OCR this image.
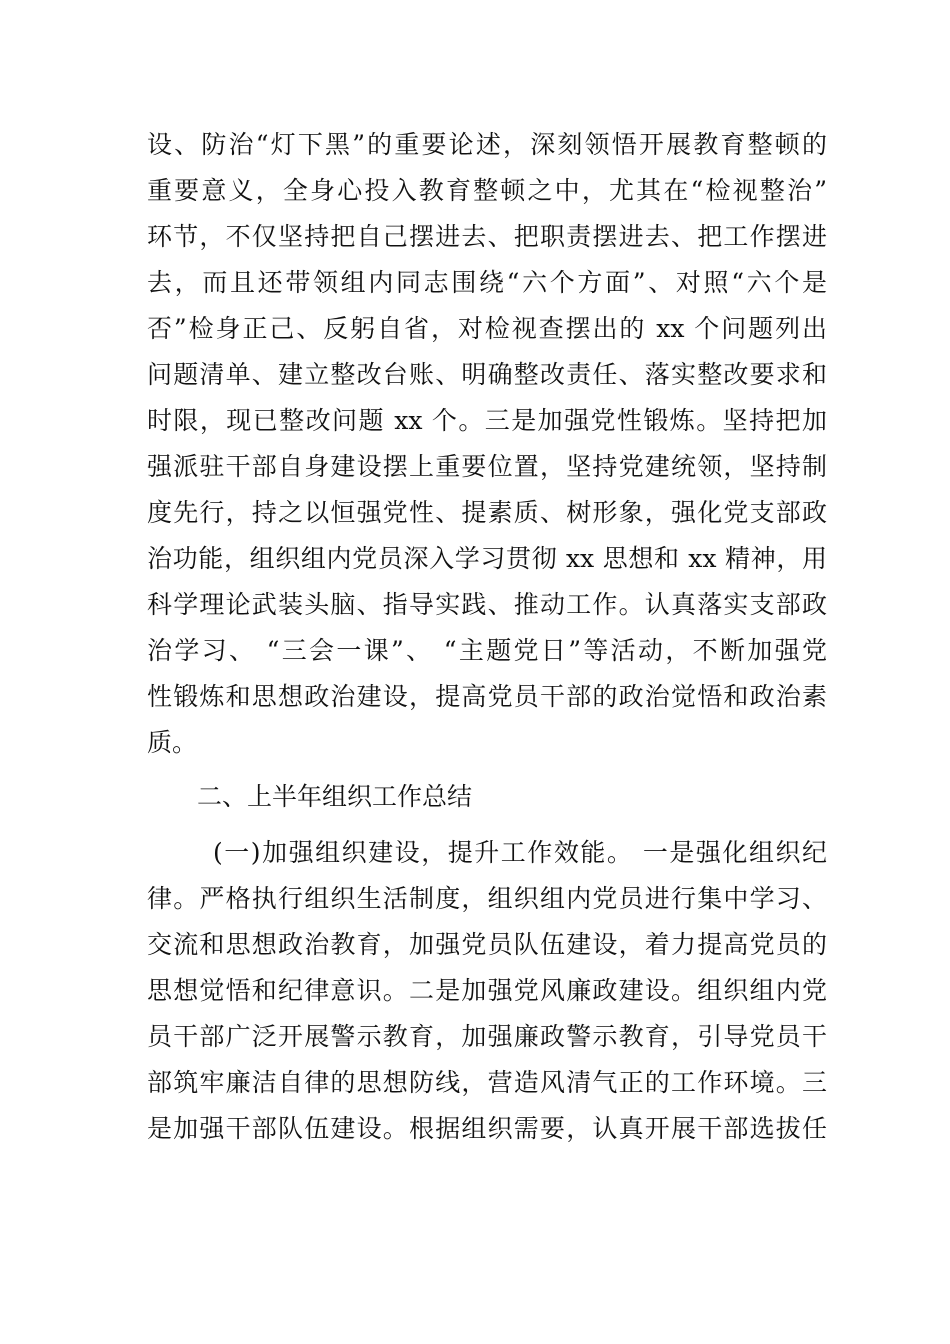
设、防治“灯下黑”的重要论述，深刻领悟开展教育整顿的
重要意义，全身心投入教育整顿之中，尤其在“检视整治”
环节，不仅坚持把自己摆进去、把职责摆进去、把工作摆进
去，而且还带领组内同志围绕“六个方面”、对照“六个是
否”检身正己、反躬自省，对检视查摆出的 xx 个问题列出
问题清单、建立整改台账、明确整改责任、落实整改要求和
时限，现已整改问题 xx 个。三是加强党性锻炼。坚持把加
强派驻干部自身建设摆上重要位置，坚持党建统领，坚持制
度先行，持之以恒强党性、提素质、树形象，强化党支部政
治功能，组织组内党员深入学习贯彻 xx 思想和 xx 精神，用
科学理论武装头脑、指导实践、推动工作。认真落实支部政
治学习、 “三会一课”、 “主题党日”等活动，不断加强党
性锻炼和思想政治建设，提高党员干部的政治觉悟和政治素
质。
二、上半年组织工作总结
(一)加强组织建设，提升工作效能。 一是强化组织纪
律。严格执行组织生活制度，组织组内党员进行集中学习、
交流和思想政治教育，加强党员队伍建设，着力提高党员的
思想觉悟和纪律意识。二是加强党风廉政建设。组织组内党
员干部广泛开展警示教育，加强廉政警示教育，引导党员干
部筑牢廉洁自律的思想防线，营造风清气正的工作环境。三
是加强干部队伍建设。根据组织需要，认真开展干部选拔任
